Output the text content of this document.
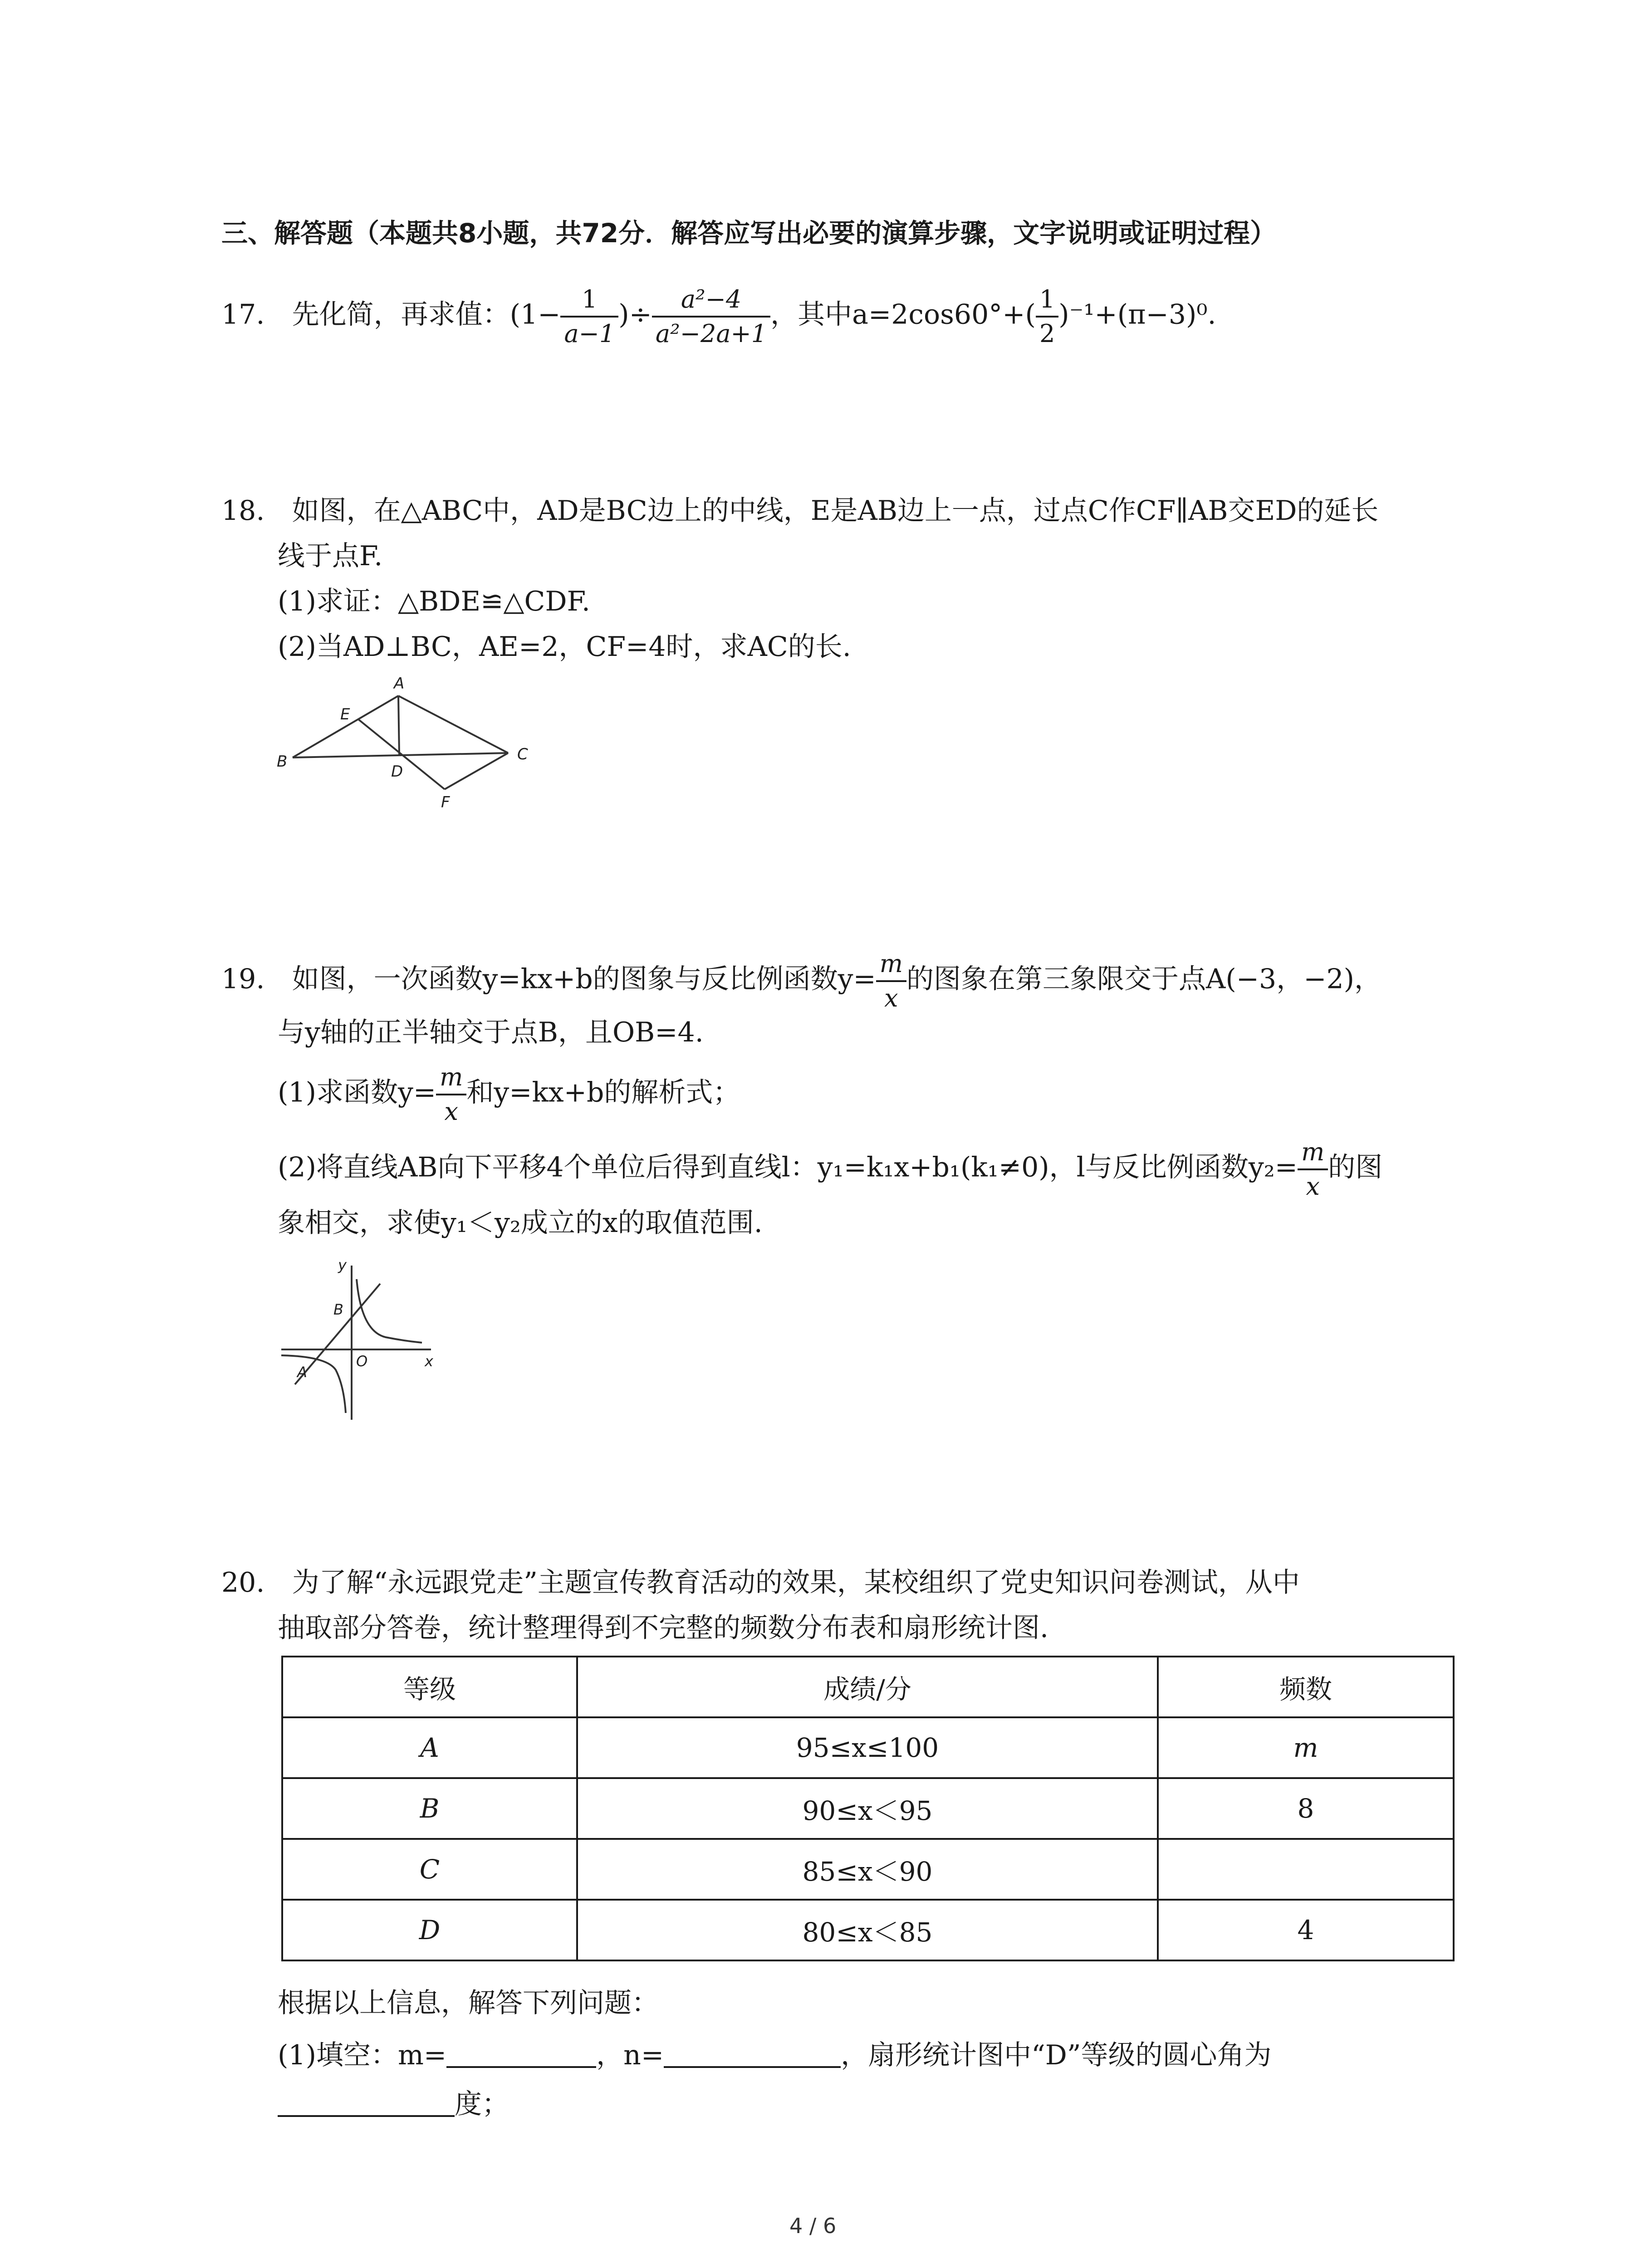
三、解答题（本题共8小题，共72分．解答应写出必要的演算步骤，文字说明或证明过程）
17. 先化简，再求值：($1- \frac{1}{a-1}$ )÷ $\frac{\text{a²−4}}{\text{a²−2a+1}}$ ，其中$a=2\cos 60^\circ+( \frac{1}{2} )^{-1}+(\pi-3)^0$.
18. 如图，在△ABC中，AD是BC边上的中线，E是AB边上一点，过点C作CF∥AB交ED的延长
线于点F.
(1)求证：△BDE≌△CDF.
(2)当AD⊥BC，AE=2，CF=4时，求AC的长.
A
E
B
D
C
F
19. 如图，一次函数y=kx+b的图象与反比例函数$y= \frac{m}{x}$ 的图象在第三象限交于点A(−3，−2)，
与y轴的正半轴交于点B，且OB=4.
(1)求函数$y= \frac{m}{x}$ 和y=kx+b的解析式；
(2)将直线AB向下平移4个单位后得到直线l：y₁=k₁x+b₁(k₁≠0)，l与反比例函数$y_2= \frac{m}{x}$ 的图
象相交，求使y₁＜y₂成立的x的取值范围.
y
x
B
O
A
20. 为了解“永远跟党走”主题宣传教育活动的效果，某校组织了党史知识问卷测试，从中
抽取部分答卷，统计整理得到不完整的频数分布表和扇形统计图.
等级	成绩/分	频数
A	95≤x≤100	m
B	90≤x＜95	8
C	85≤x＜90	
D	80≤x＜85	4
根据以上信息，解答下列问题：
(1)填空：m=	，n=	，扇形统计图中“D”等级的圆心角为
度；
4 / 6
